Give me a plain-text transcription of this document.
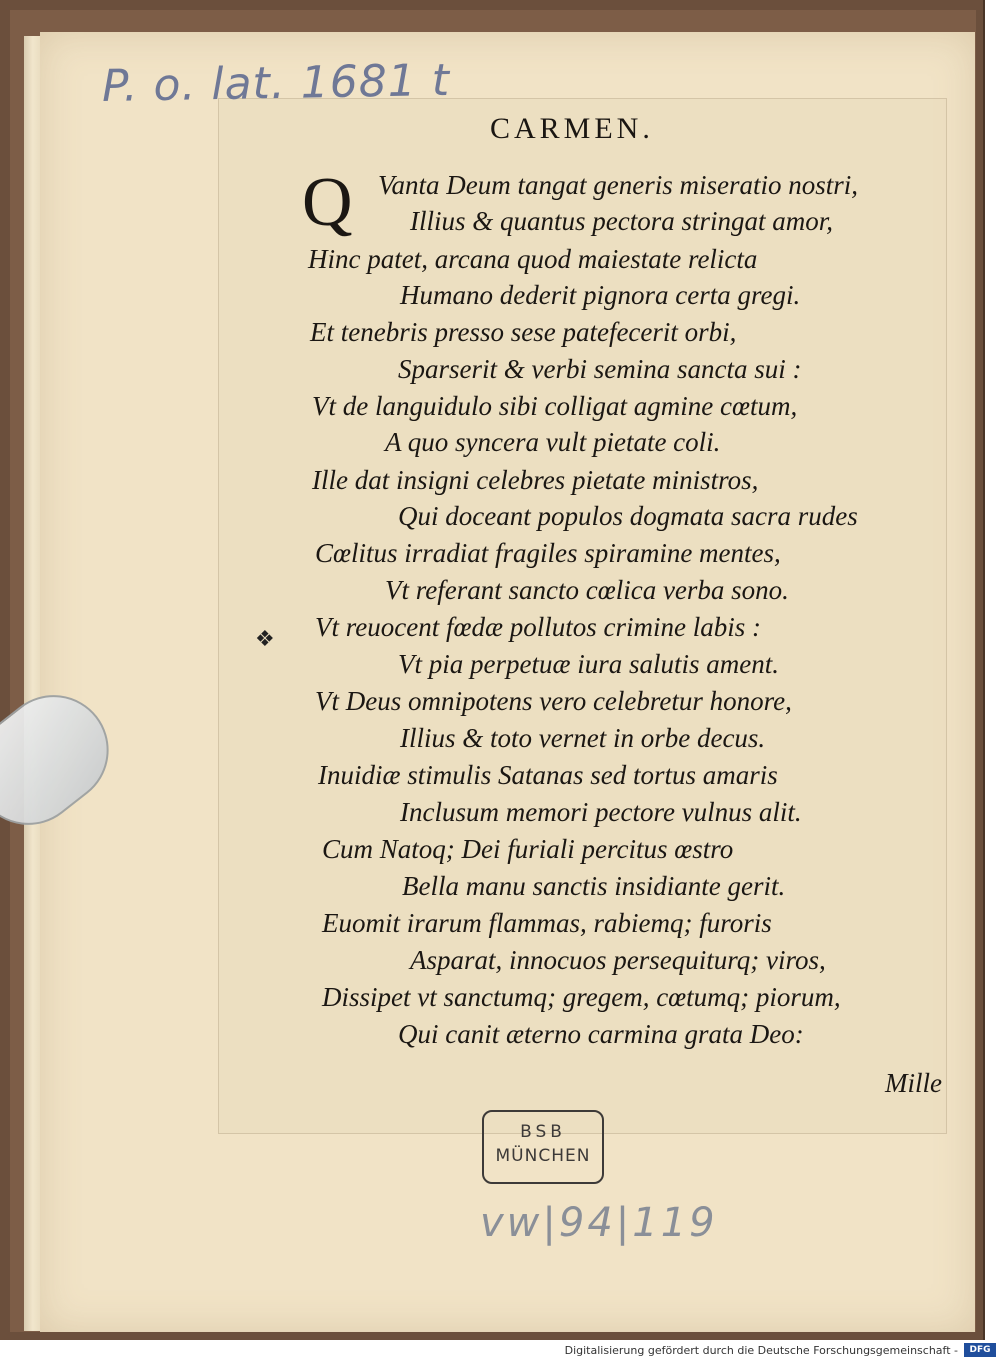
P. o. lat. 1681 t
CARMEN.
Q
❖
Vanta Deum tangat generis miseratio nostri,
Illius & quantus pectora stringat amor,
Hinc patet, arcana quod maiestate relicta
Humano dederit pignora certa gregi.
Et tenebris presso sese patefecerit orbi,
Sparserit & verbi semina sancta sui :
Vt de languidulo sibi colligat agmine cœtum,
A quo syncera vult pietate coli.
Ille dat insigni celebres pietate ministros,
Qui doceant populos dogmata sacra rudes
Cœlitus irradiat fragiles spiramine mentes,
Vt referant sancto cœlica verba sono.
Vt reuocent fœdæ pollutos crimine labis :
Vt pia perpetuæ iura salutis ament.
Vt Deus omnipotens vero celebretur honore,
Illius & toto vernet in orbe decus.
Inuidiæ stimulis Satanas sed tortus amaris
Inclusum memori pectore vulnus alit.
Cum Natoq; Dei furiali percitus œstro
Bella manu sanctis insidiante gerit.
Euomit irarum flammas, rabiemq; furoris
Asparat, innocuos persequiturq; viros,
Dissipet vt sanctumq; gregem, cœtumq; piorum,
Qui canit æterno carmina grata Deo:
Mille
BSB
MÜNCHEN
vw|94|119
Digitalisierung gefördert durch die Deutsche Forschungsgemeinschaft -	DFG
